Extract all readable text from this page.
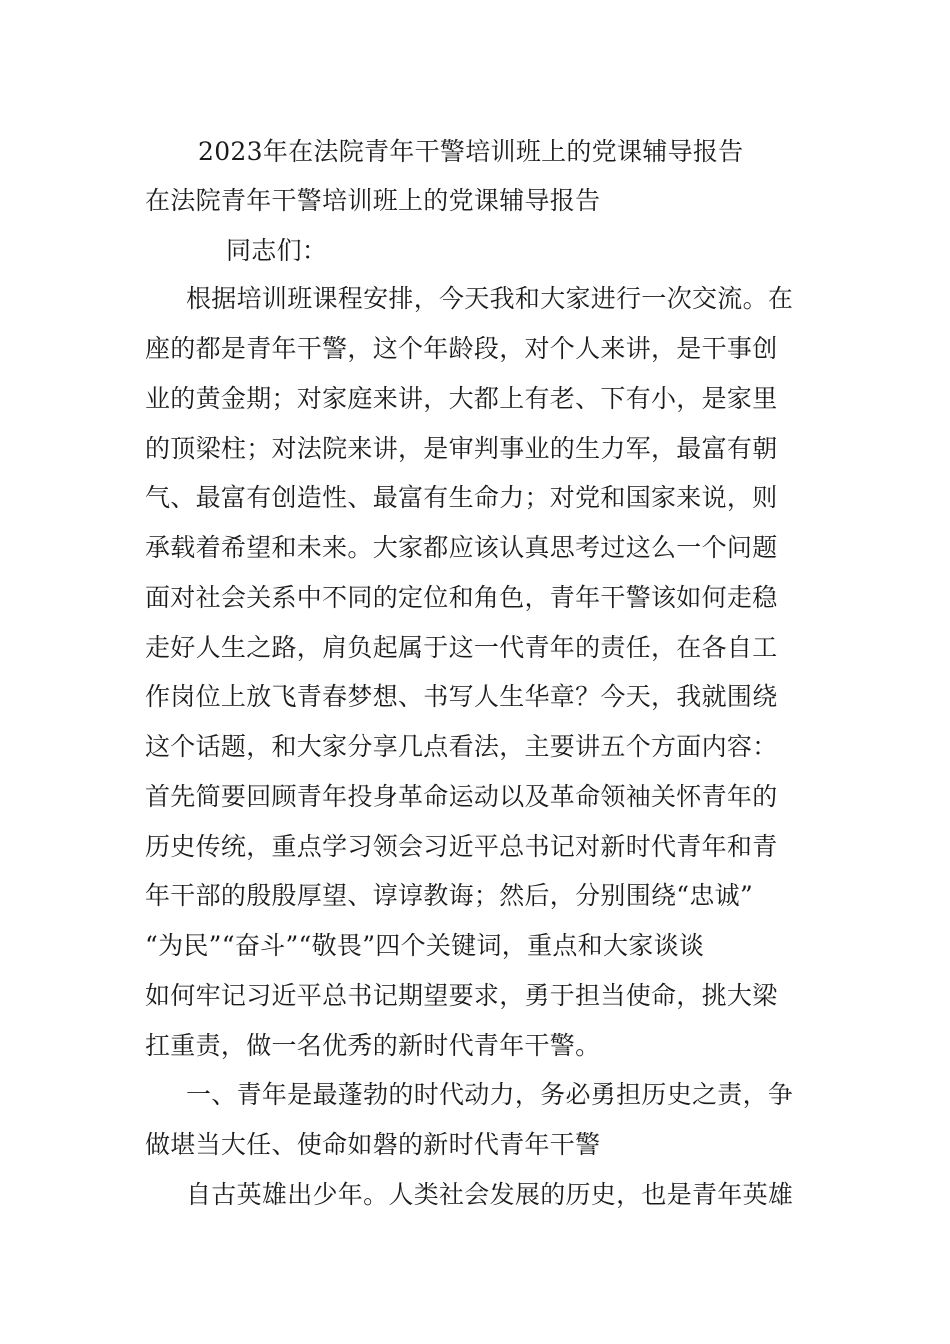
2023年在法院青年干警培训班上的党课辅导报告
在法院青年干警培训班上的党课辅导报告
同志们：
根据培训班课程安排，今天我和大家进行一次交流。在
座的都是青年干警，这个年龄段，对个人来讲，是干事创
业的黄金期；对家庭来讲，大都上有老、下有小，是家里
的顶梁柱；对法院来讲，是审判事业的生力军，最富有朝
气、最富有创造性、最富有生命力；对党和国家来说，则
承载着希望和未来。大家都应该认真思考过这么一个问题
面对社会关系中不同的定位和角色，青年干警该如何走稳
走好人生之路，肩负起属于这一代青年的责任，在各自工
作岗位上放飞青春梦想、书写人生华章？今天，我就围绕
这个话题，和大家分享几点看法，主要讲五个方面内容：
首先简要回顾青年投身革命运动以及革命领袖关怀青年的
历史传统，重点学习领会习近平总书记对新时代青年和青
年干部的殷殷厚望、谆谆教诲；然后，分别围绕“忠诚”
“为民”“奋斗”“敬畏”四个关键词，重点和大家谈谈
如何牢记习近平总书记期望要求，勇于担当使命，挑大梁
扛重责，做一名优秀的新时代青年干警。
一、青年是最蓬勃的时代动力，务必勇担历史之责，争
做堪当大任、使命如磐的新时代青年干警
自古英雄出少年。人类社会发展的历史，也是青年英雄
